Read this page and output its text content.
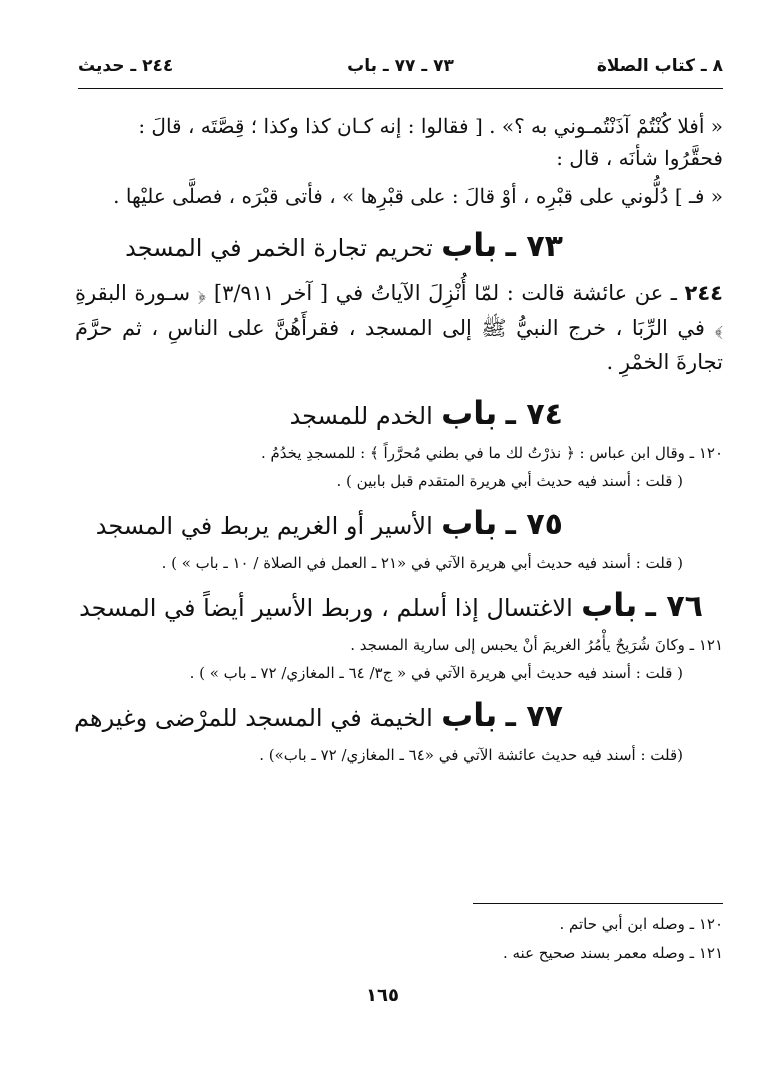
٨ ـ كتاب الصلاة
٧٣ ـ ٧٧ ـ باب
٢٤٤ ـ حديث

« أفلا كُنْتُمْ آذَنْتُمـوني به ؟» . [ فقالوا : إنه كـان كذا وكذا ؛ قِصَّتَه ، قالَ :

فحقَّرُوا شأنَه ، قال :

« فـ ] دُلُّوني على قبْرِه ، أوْ قالَ : على قبْرِها » ، فأتى قبْرَه ، فصلَّى عليْها .

٧٣ ـ باب تحريم تجارة الخمر في المسجد

٢٤٤ ـ عن عائشة قالت : لمّا أُنْزِلَ الآياتُ في [ آخر ٣/٩١١] ﴿ سـورة البقرةِ ﴾ في الرِّبَا ، خرج النبيُّ ﷺ إلى المسجد ، فقرأَهُنَّ على الناسِ ، ثم حرَّمَ تجارةَ الخمْرِ .

٧٤ ـ باب الخدم للمسجد

١٢٠ ـ وقال ابن عباس : ﴿ نذرْتُ لك ما في بطني مُحرَّراً ﴾ : للمسجدِ يخدُمُ .

( قلت : أسند فيه حديث أبي هريرة المتقدم قبل بابين ) .

٧٥ ـ باب الأسير أو الغريم يربط في المسجد

( قلت : أسند فيه حديث أبي هريرة الآتي في «٢١ ـ العمل في الصلاة / ١٠ ـ باب » ) .

٧٦ ـ باب الاغتسال إذا أسلم ، وربط الأسير أيضاً في المسجد

١٢١ ـ وكانَ شُرَيحٌ يأْمُرُ الغريمَ أنْ يحبس إلى سارية المسجد .

( قلت : أسند فيه حديث أبي هريرة الآتي في « ج٣/ ٦٤ ـ المغازي/ ٧٢ ـ باب » ) .

٧٧ ـ باب الخيمة في المسجد للمرْضى وغيرهم

(قلت : أسند فيه حديث عائشة الآتي في «٦٤ ـ المغازي/ ٧٢ ـ باب») .

١٢٠ ـ وصله ابن أبي حاتم .
١٢١ ـ وصله معمر بسند صحيح عنه .
١٦٥
